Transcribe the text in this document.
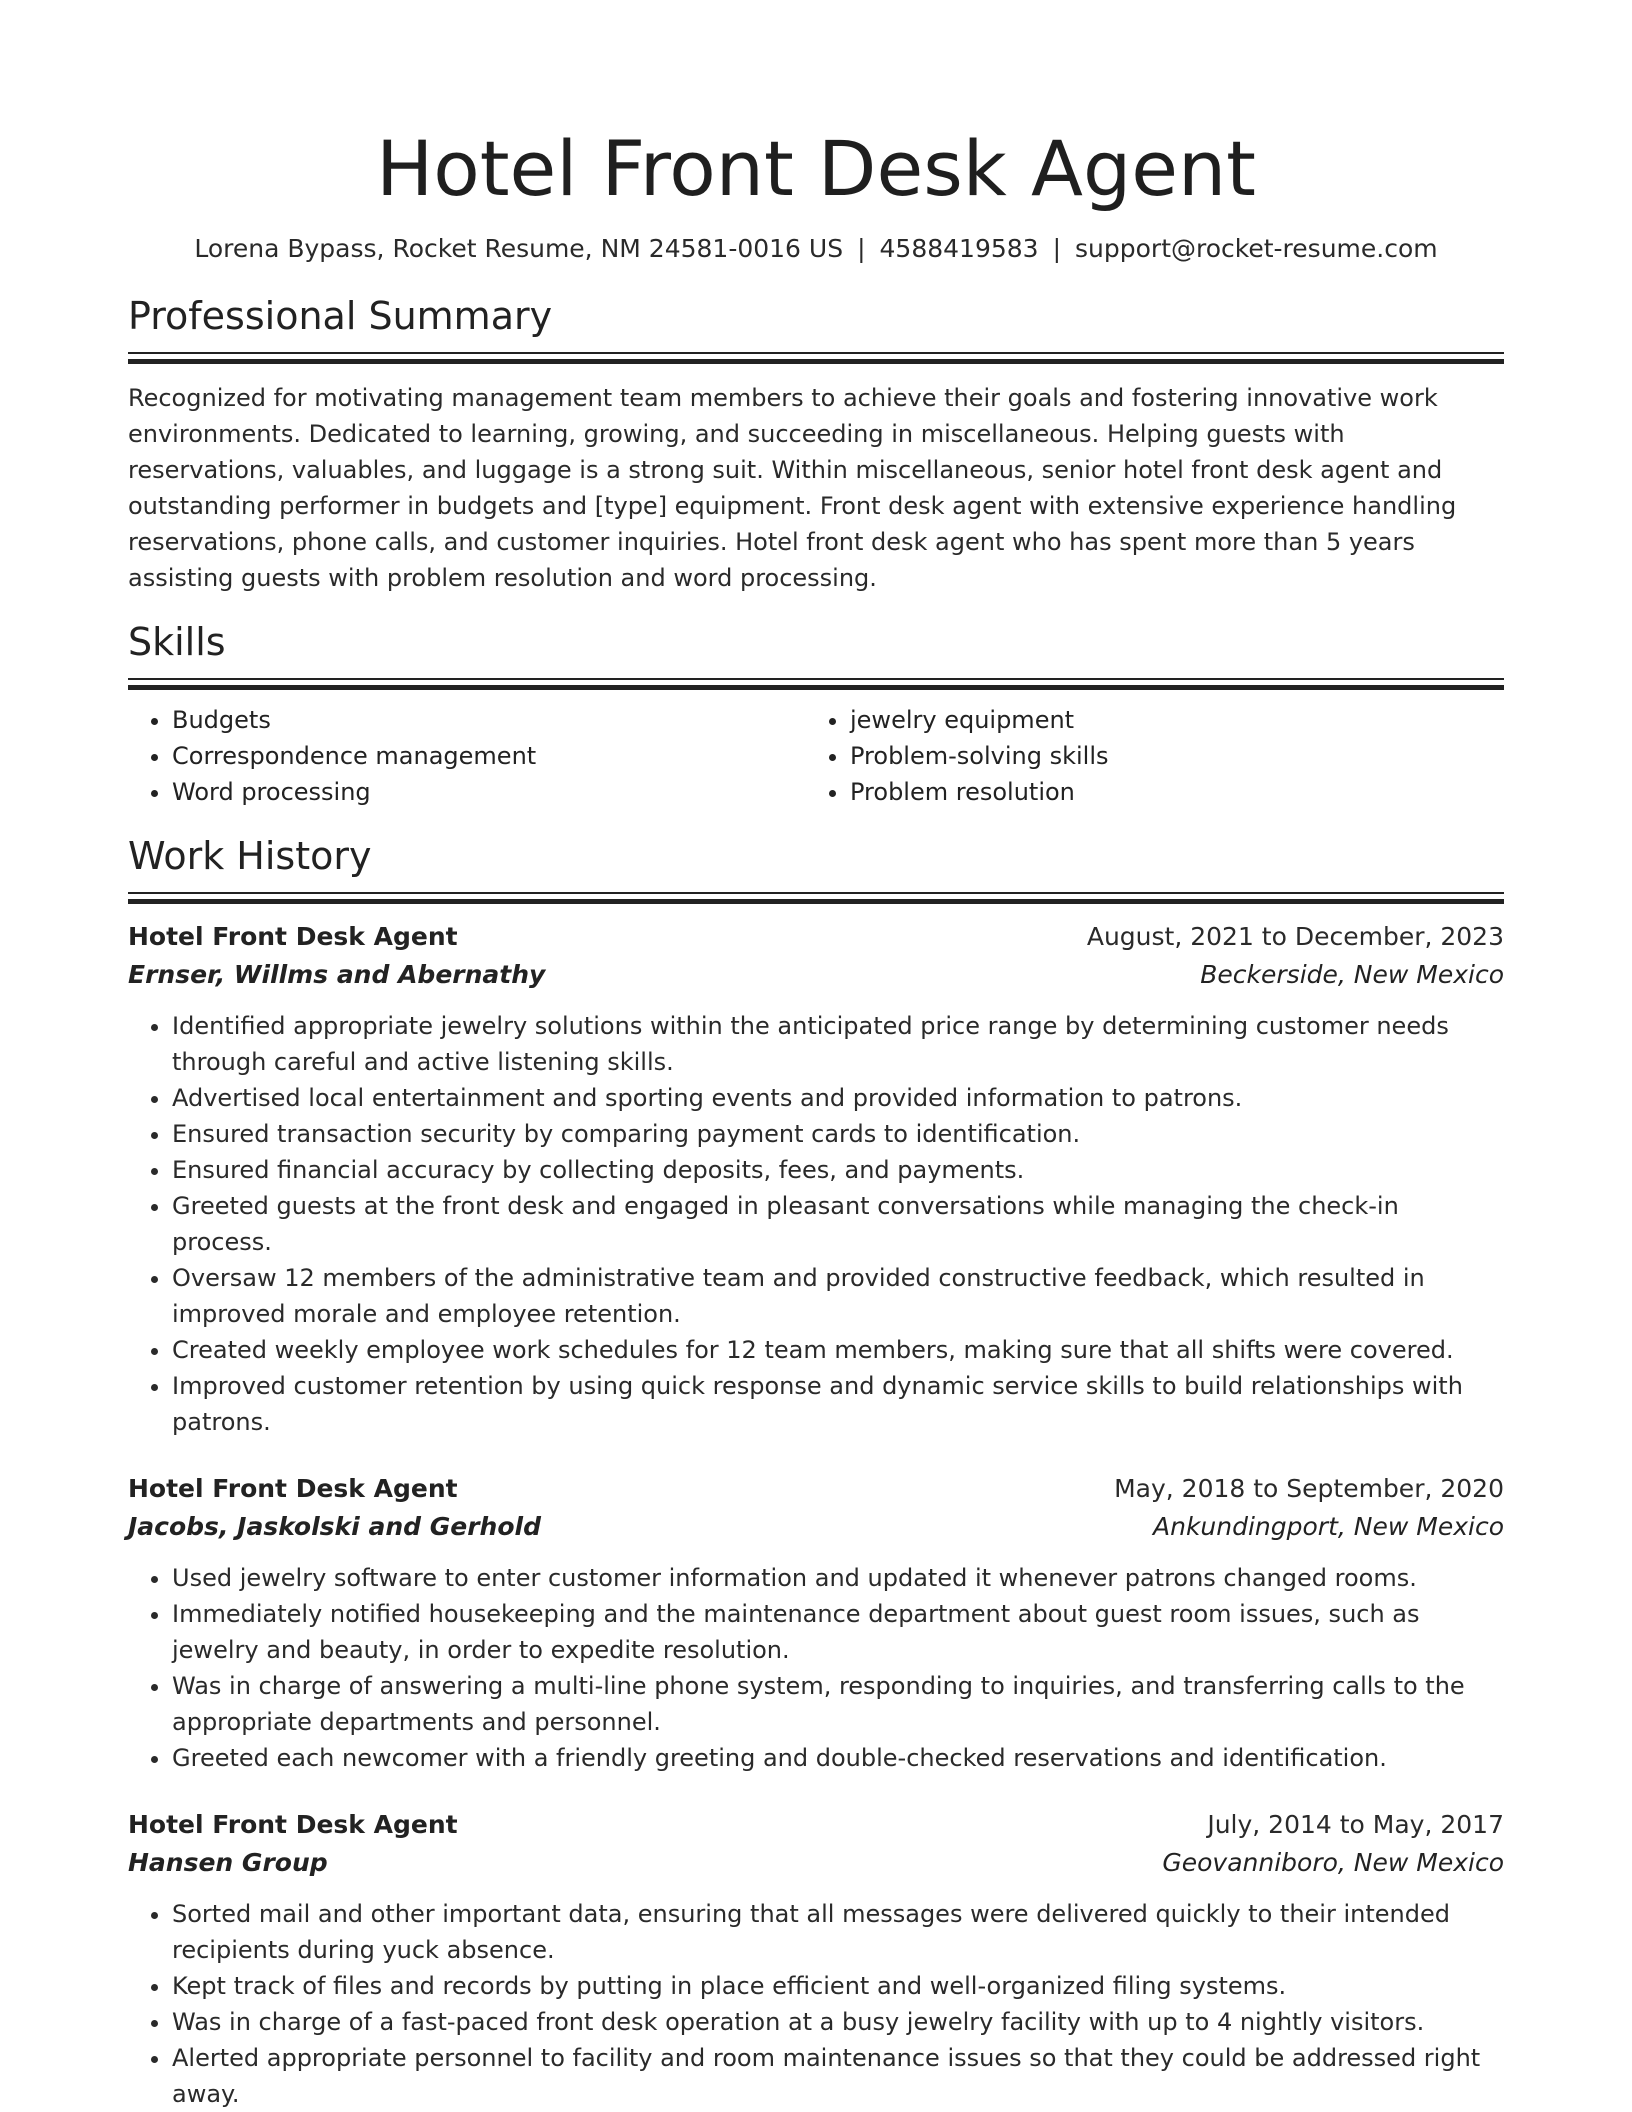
Hotel Front Desk Agent
Lorena Bypass, Rocket Resume, NM 24581-0016 US | 4588419583 | support@rocket-resume.com
Professional Summary

Recognized for motivating management team members to achieve their goals and fostering innovative work environments. Dedicated to learning, growing, and succeeding in miscellaneous. Helping guests with reservations, valuables, and luggage is a strong suit. Within miscellaneous, senior hotel front desk agent and outstanding performer in budgets and [type] equipment. Front desk agent with extensive experience handling reservations, phone calls, and customer inquiries. Hotel front desk agent who has spent more than 5 years assisting guests with problem resolution and word processing.

Skills
• Budgets
• Correspondence management
• Word processing
• jewelry equipment
• Problem-solving skills
• Problem resolution
Work History
Hotel Front Desk Agent	August, 2021 to December, 2023
Ernser, Willms and Abernathy	Beckerside, New Mexico
• Identified appropriate jewelry solutions within the anticipated price range by determining customer needs through careful and active listening skills.
• Advertised local entertainment and sporting events and provided information to patrons.
• Ensured transaction security by comparing payment cards to identification.
• Ensured financial accuracy by collecting deposits, fees, and payments.
• Greeted guests at the front desk and engaged in pleasant conversations while managing the check-in process.
• Oversaw 12 members of the administrative team and provided constructive feedback, which resulted in improved morale and employee retention.
• Created weekly employee work schedules for 12 team members, making sure that all shifts were covered.
• Improved customer retention by using quick response and dynamic service skills to build relationships with patrons.
Hotel Front Desk Agent	May, 2018 to September, 2020
Jacobs, Jaskolski and Gerhold	Ankundingport, New Mexico
• Used jewelry software to enter customer information and updated it whenever patrons changed rooms.
• Immediately notified housekeeping and the maintenance department about guest room issues, such as jewelry and beauty, in order to expedite resolution.
• Was in charge of answering a multi-line phone system, responding to inquiries, and transferring calls to the appropriate departments and personnel.
• Greeted each newcomer with a friendly greeting and double-checked reservations and identification.
Hotel Front Desk Agent	July, 2014 to May, 2017
Hansen Group	Geovanniboro, New Mexico
• Sorted mail and other important data, ensuring that all messages were delivered quickly to their intended recipients during yuck absence.
• Kept track of files and records by putting in place efficient and well-organized filing systems.
• Was in charge of a fast-paced front desk operation at a busy jewelry facility with up to 4 nightly visitors.
• Alerted appropriate personnel to facility and room maintenance issues so that they could be addressed right away.
